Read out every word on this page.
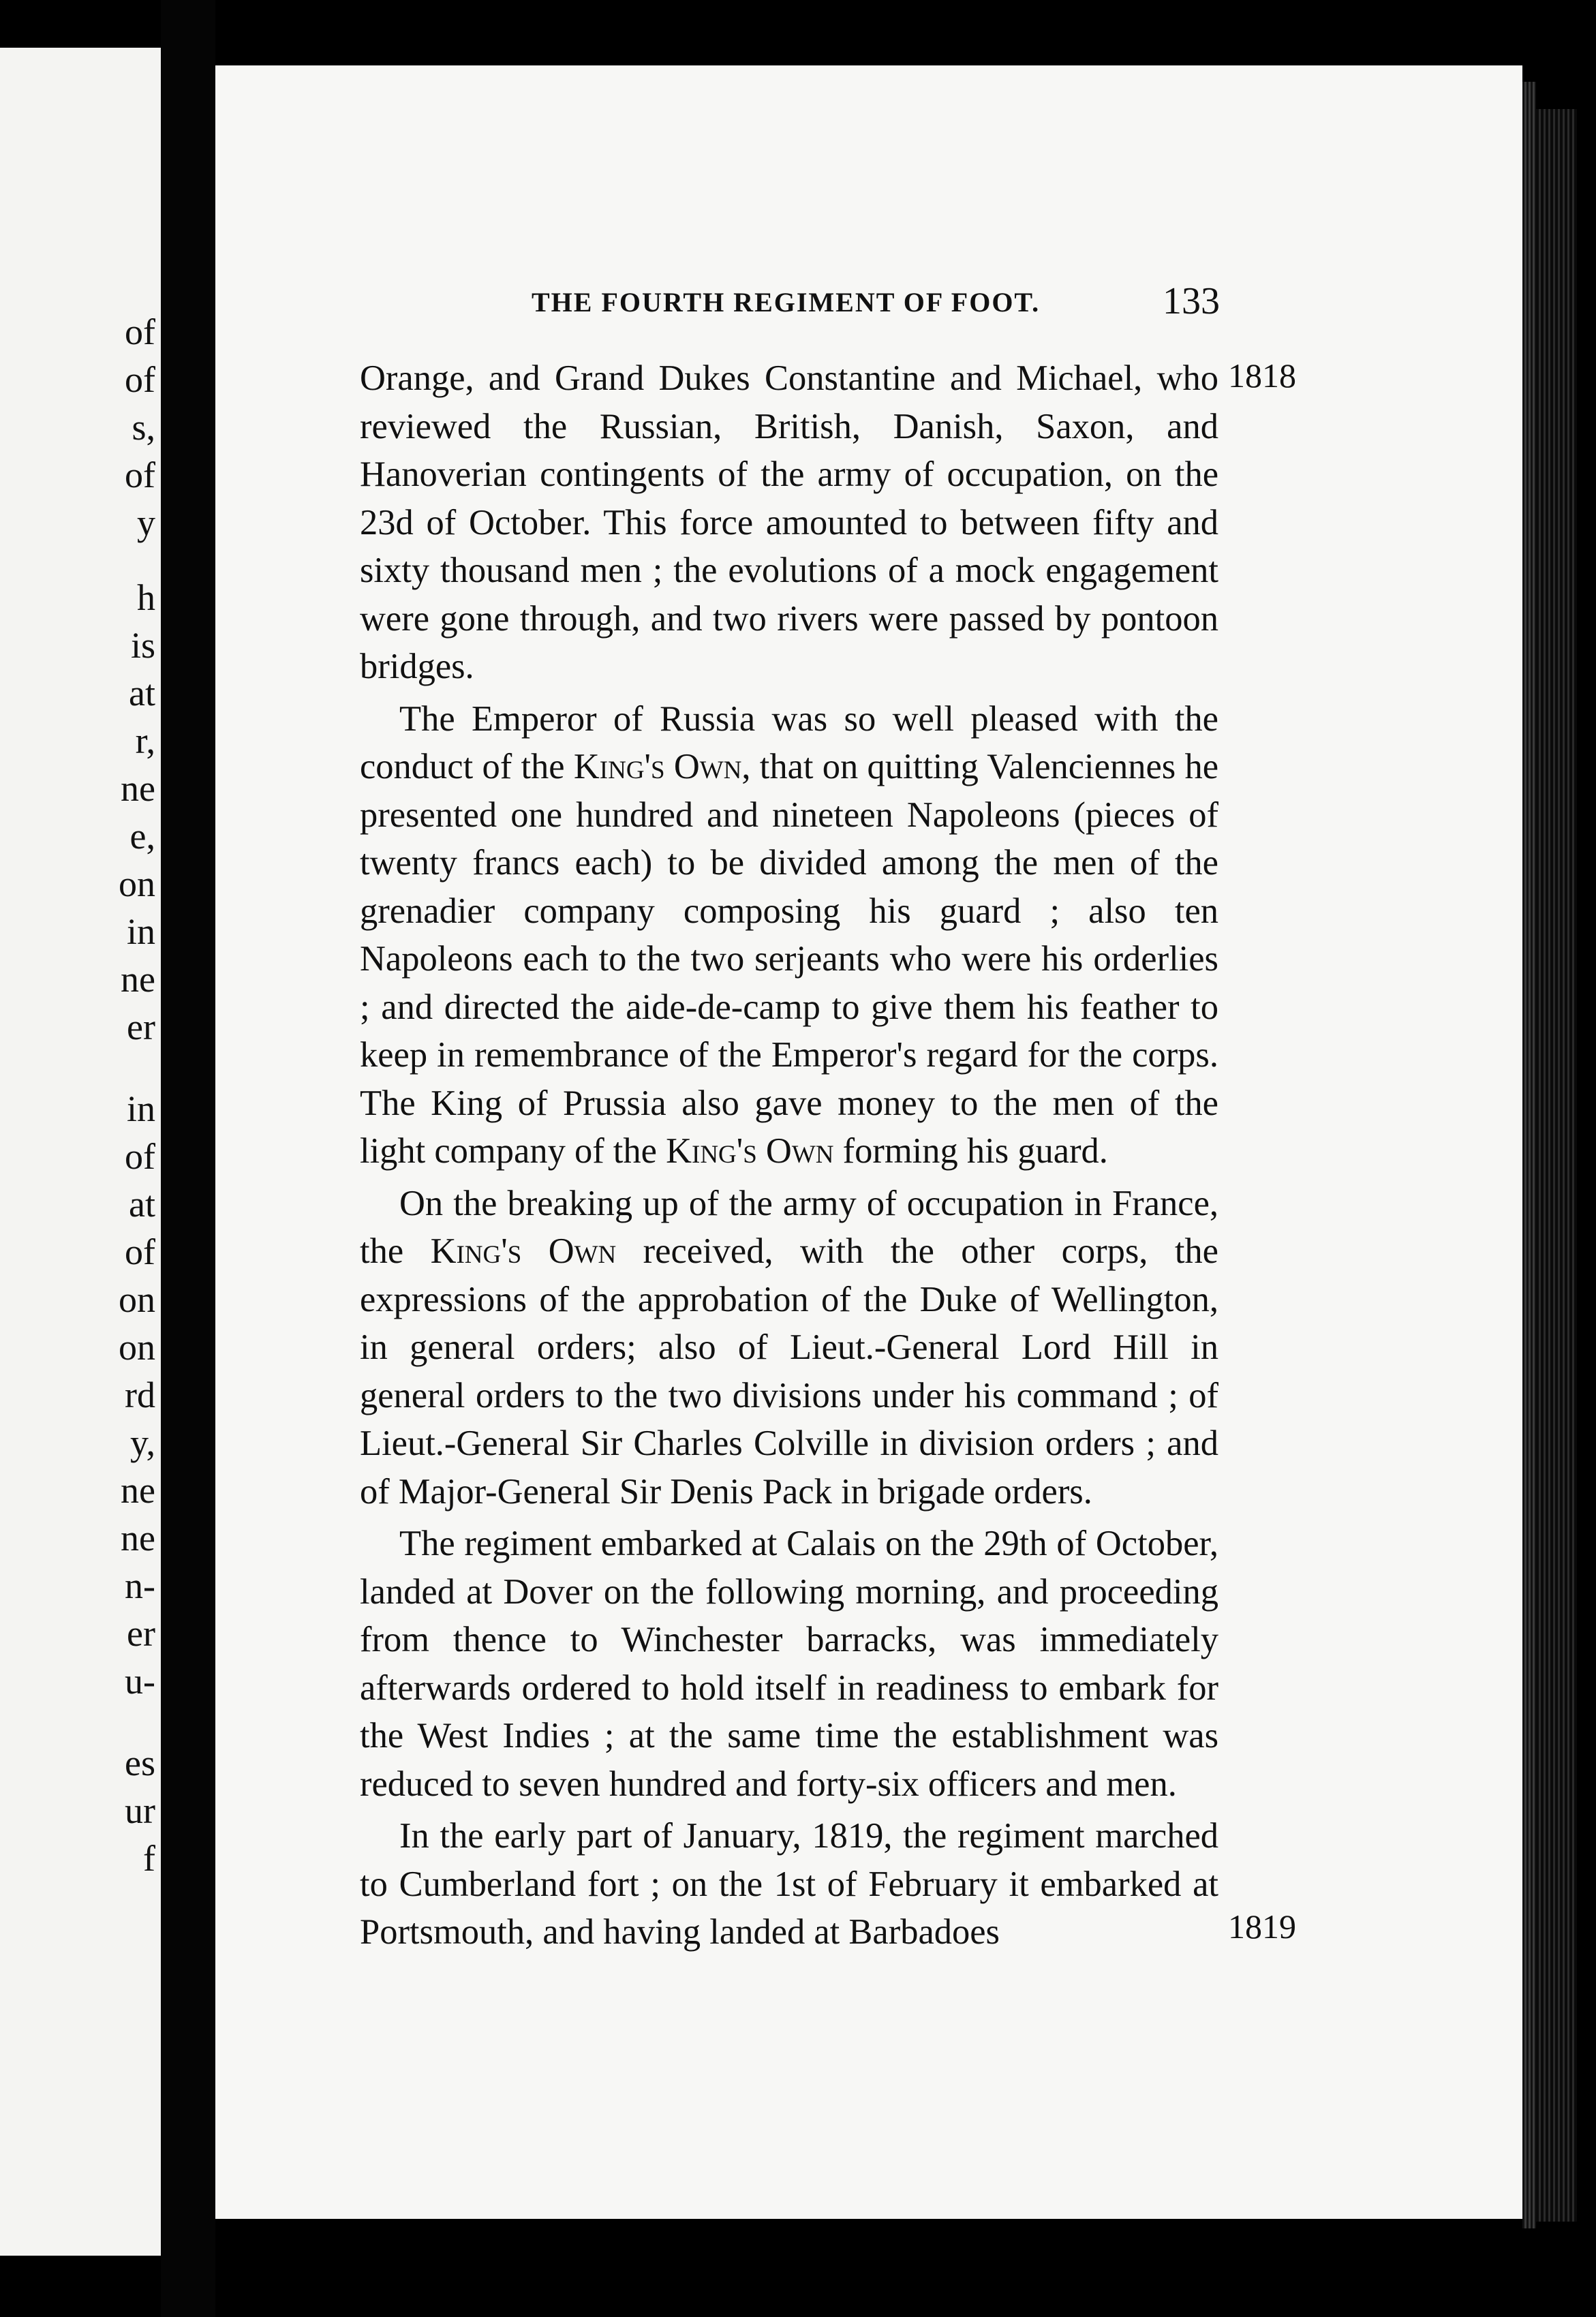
of
of
s,
of
y
h
is
at
r,
ne
e,
on
in
ne
er
in
of
at
of
on
on
rd
y,
ne
ne
n-
er
u-
es
ur
f
THE FOURTH REGIMENT OF FOOT.	133
1818
1819

Orange, and Grand Dukes Constantine and Michael, who reviewed the Russian, British, Danish, Saxon, and Hanoverian contingents of the army of occupation, on the 23d of October. This force amounted to between fifty and sixty thousand men ; the evolutions of a mock engagement were gone through, and two rivers were passed by pontoon bridges.

The Emperor of Russia was so well pleased with the conduct of the King's Own, that on quitting Valenciennes he presented one hundred and nineteen Napoleons (pieces of twenty francs each) to be divided among the men of the grenadier company composing his guard ; also ten Napoleons each to the two serjeants who were his orderlies ; and directed the aide-de-camp to give them his feather to keep in remembrance of the Emperor's regard for the corps. The King of Prussia also gave money to the men of the light company of the King's Own forming his guard.

On the breaking up of the army of occupation in France, the King's Own received, with the other corps, the expressions of the approbation of the Duke of Wellington, in general orders; also of Lieut.-General Lord Hill in general orders to the two divisions under his command ; of Lieut.-General Sir Charles Colville in division orders ; and of Major-General Sir Denis Pack in brigade orders.

The regiment embarked at Calais on the 29th of October, landed at Dover on the following morning, and proceeding from thence to Winchester barracks, was immediately afterwards ordered to hold itself in readiness to embark for the West Indies ; at the same time the establishment was reduced to seven hundred and forty-six officers and men.

In the early part of January, 1819, the regiment marched to Cumberland fort ; on the 1st of February it embarked at Portsmouth, and having landed at Barbadoes
